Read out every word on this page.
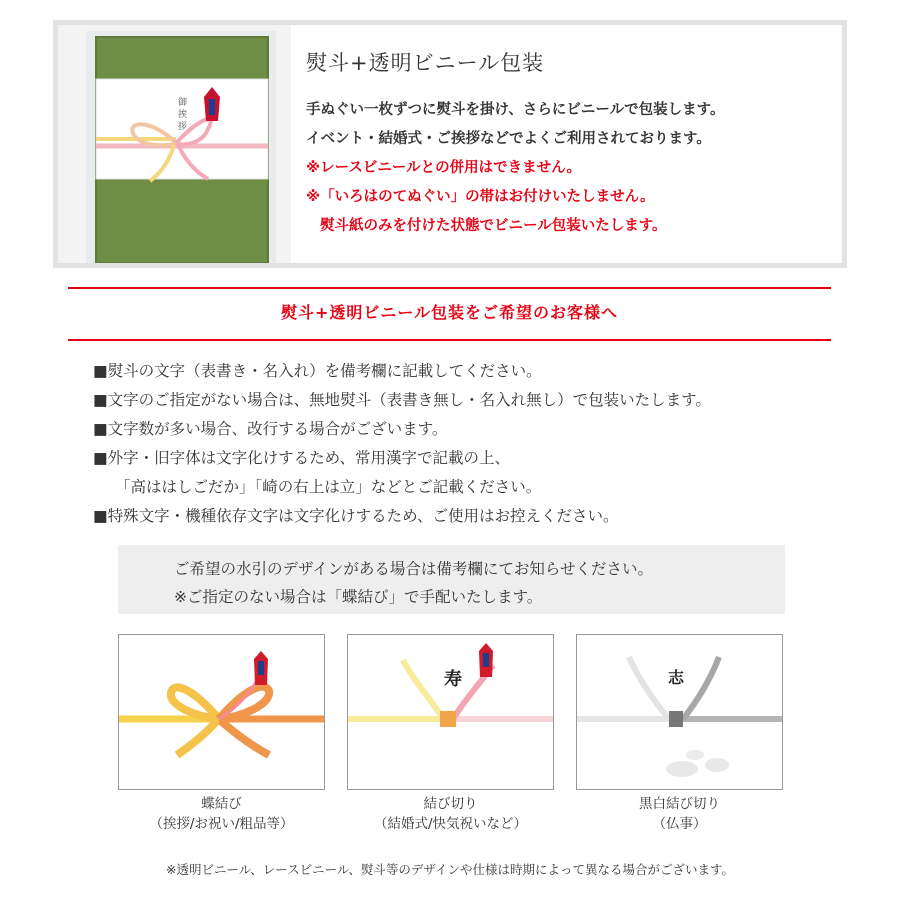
御
挨
拶
熨斗+透明ビニール包装
手ぬぐい一枚ずつに熨斗を掛け、さらにビニールで包装します。
イベント・結婚式・ご挨拶などでよくご利用されております。
※レースビニールとの併用はできません。
※「いろはのてぬぐい」の帯はお付けいたしません。
熨斗紙のみを付けた状態でビニール包装いたします。
熨斗+透明ビニール包装をご希望のお客様へ
■熨斗の文字（表書き・名入れ）を備考欄に記載してください。
■文字のご指定がない場合は、無地熨斗（表書き無し・名入れ無し）で包装いたします。
■文字数が多い場合、改行する場合がございます。
■外字・旧字体は文字化けするため、常用漢字で記載の上、
「高ははしごだか」「崎の右上は立」などとご記載ください。
■特殊文字・機種依存文字は文字化けするため、ご使用はお控えください。
ご希望の水引のデザインがある場合は備考欄にてお知らせください。
※ご指定のない場合は「蝶結び」で手配いたします。
蝶結び
（挨拶/お祝い/粗品等）
寿
結び切り
（結婚式/快気祝いなど）
志
黒白結び切り
（仏事）
※透明ビニール、レースビニール、熨斗等のデザインや仕様は時期によって異なる場合がございます。
